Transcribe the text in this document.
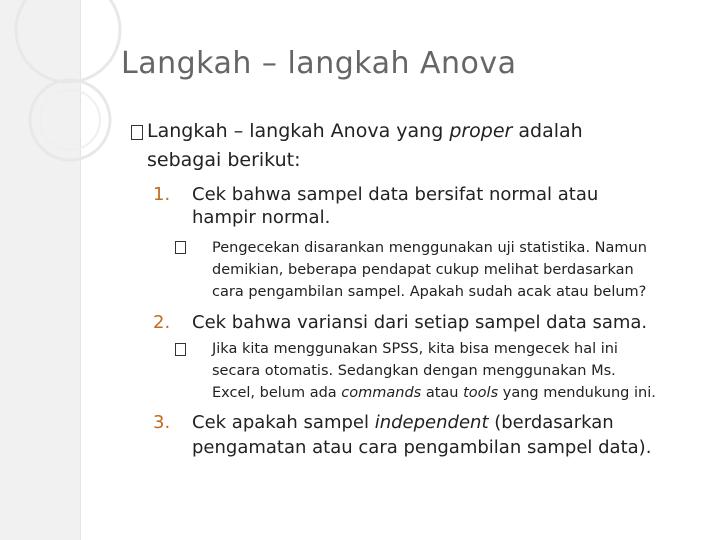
Langkah – langkah Anova
Langkah – langkah Anova yang proper adalah
sebagai berikut:
1. Cek bahwa sampel data bersifat normal atau
hampir normal.
Pengecekan disarankan menggunakan uji statistika. Namun
demikian, beberapa pendapat cukup melihat berdasarkan
cara pengambilan sampel. Apakah sudah acak atau belum?
2. Cek bahwa variansi dari setiap sampel data sama.
Jika kita menggunakan SPSS, kita bisa mengecek hal ini
secara otomatis. Sedangkan dengan menggunakan Ms.
Excel, belum ada commands atau tools yang mendukung ini.
3. Cek apakah sampel independent (berdasarkan
pengamatan atau cara pengambilan sampel data).
